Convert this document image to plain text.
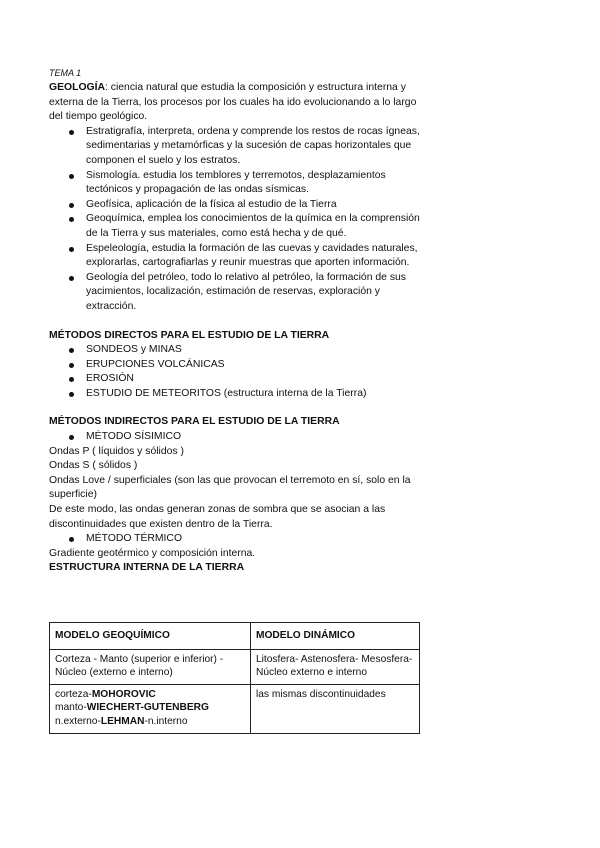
TEMA 1

GEOLOGÍA: ciencia natural que estudia la composición y estructura interna y externa de la Tierra, los procesos por los cuales ha ido evolucionando a lo largo del tiempo geológico.

Estratigrafía, interpreta, ordena y comprende los restos de rocas ígneas, sedimentarias y metamórficas y la sucesión de capas horizontales que componen el suelo y los estratos.
Sismología. estudia los temblores y terremotos, desplazamientos tectónicos y propagación de las ondas sísmicas.
Geofísica, aplicación de la física al estudio de la Tierra
Geoquímica, emplea los conocimientos de la química en la comprensión de la Tierra y sus materiales, como está hecha y de qué.
Espeleología, estudia la formación de las cuevas y cavidades naturales, explorarlas, cartografiarlas y reunir muestras que aporten información.
Geología del petróleo, todo lo relativo al petróleo, la formación de sus yacimientos, localización, estimación de reservas, exploración y extracción.
MÉTODOS DIRECTOS PARA EL ESTUDIO DE LA TIERRA
SONDEOS y MINAS
ERUPCIONES VOLCÁNICAS
EROSIÓN
ESTUDIO DE METEORITOS (estructura interna de la Tierra)
MÉTODOS INDIRECTOS PARA EL ESTUDIO DE LA TIERRA
MÉTODO SÍSIMICO

Ondas P ( líquidos y sólidos )

Ondas S ( sólidos )

Ondas Love / superficiales (son las que provocan el terremoto en sí, solo en la superficie)

De este modo, las ondas generan zonas de sombra que se asocian a las discontinuidades que existen dentro de la Tierra.

MÉTODO TÉRMICO

Gradiente geotérmico y composición interna.

ESTRUCTURA INTERNA DE LA TIERRA
MODELO GEOQUÍMICO	MODELO DINÁMICO
Corteza - Manto (superior e inferior) - Núcleo (externo e interno)	Litosfera- Astenosfera- Mesosfera-Núcleo externo e interno

corteza-MOHOROVIC
manto-WIECHERT-GUTENBERG
n.externo-LEHMAN-n.interno	las mismas discontinuidades
